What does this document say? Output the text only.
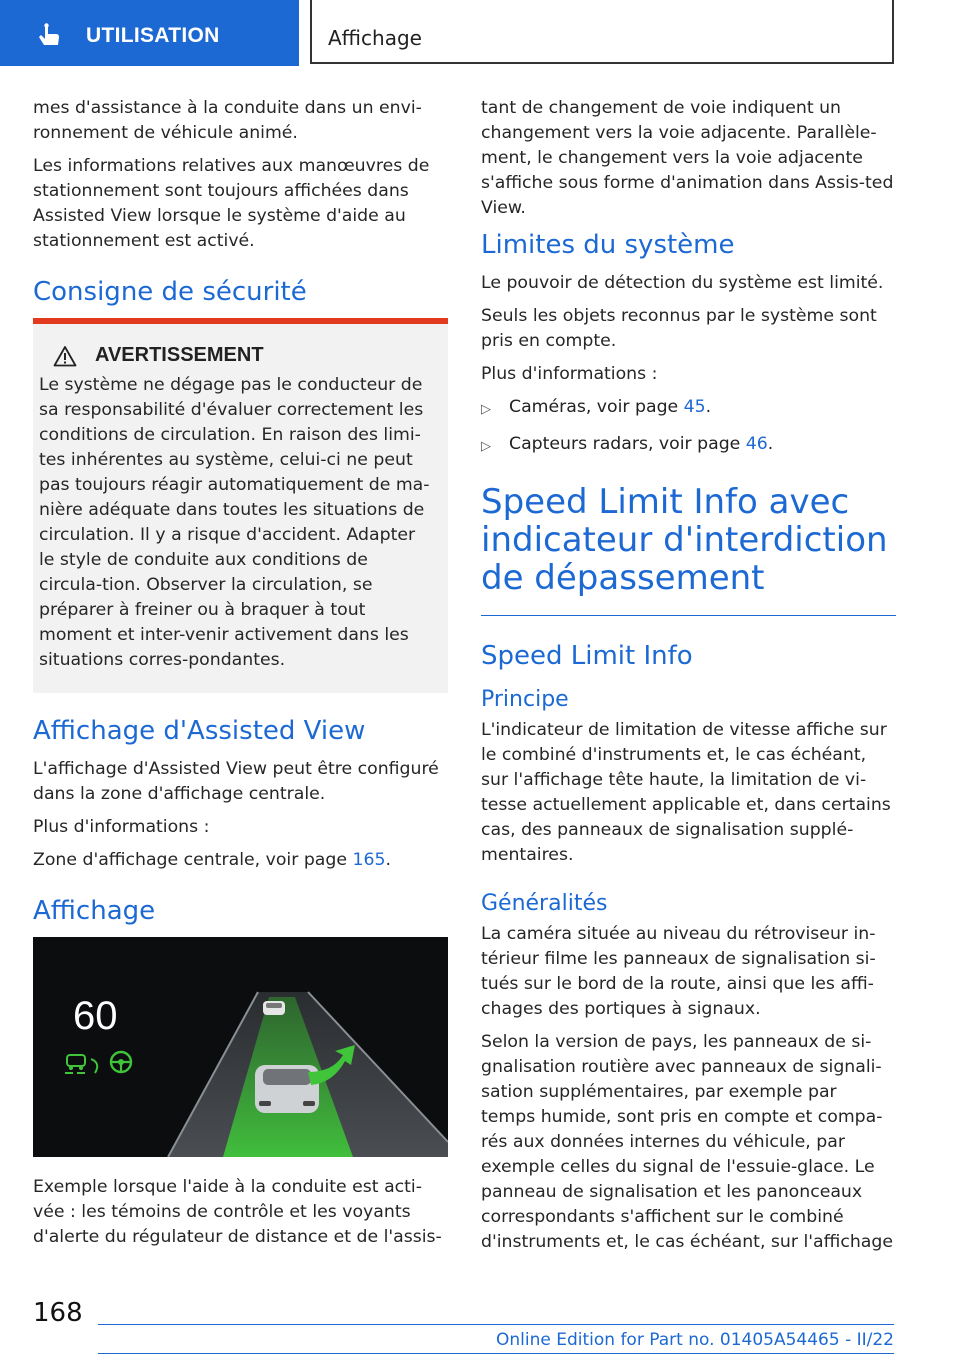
UTILISATION	Affichage

mes d'assistance à la conduite dans un envi-ronnement de véhicule animé.

Les informations relatives aux manœuvres de stationnement sont toujours affichées dans Assisted View lorsque le système d'aide au stationnement est activé.

Consigne de sécurité
AVERTISSEMENT

Le système ne dégage pas le conducteur de sa responsabilité d'évaluer correctement les conditions de circulation. En raison des limi-tes inhérentes au système, celui-ci ne peut pas toujours réagir automatiquement de ma-nière adéquate dans toutes les situations de circulation. Il y a risque d'accident. Adapter le style de conduite aux conditions de circula-tion. Observer la circulation, se préparer à freiner ou à braquer à tout moment et inter-venir activement dans les situations corres-pondantes.

Affichage d'Assisted View

L'affichage d'Assisted View peut être configuré dans la zone d'affichage centrale.

Plus d'informations :

Zone d'affichage centrale, voir page 165.

Affichage
60

Exemple lorsque l'aide à la conduite est acti-vée : les témoins de contrôle et les voyants d'alerte du régulateur de distance et de l'assis-

tant de changement de voie indiquent un changement vers la voie adjacente. Parallèle-ment, le changement vers la voie adjacente s'affiche sous forme d'animation dans Assis-ted View.

Limites du système

Le pouvoir de détection du système est limité.

Seuls les objets reconnus par le système sont pris en compte.

Plus d'informations :

▷	Caméras, voir page 45.
▷	Capteurs radars, voir page 46.
Speed Limit Info avec indicateur d'interdiction de dépassement
Speed Limit Info
Principe

L'indicateur de limitation de vitesse affiche sur le combiné d'instruments et, le cas échéant, sur l'affichage tête haute, la limitation de vi-tesse actuellement applicable et, dans certains cas, des panneaux de signalisation supplé-mentaires.

Généralités

La caméra située au niveau du rétroviseur in-térieur filme les panneaux de signalisation si-tués sur le bord de la route, ainsi que les affi-chages des portiques à signaux.

Selon la version de pays, les panneaux de si-gnalisation routière avec panneaux de signali-sation supplémentaires, par exemple par temps humide, sont pris en compte et compa-rés aux données internes du véhicule, par exemple celles du signal de l'essuie-glace. Le panneau de signalisation et les panonceaux correspondants s'affichent sur le combiné d'instruments et, le cas échéant, sur l'affichage

168
Online Edition for Part no. 01405A54465 - II/22
